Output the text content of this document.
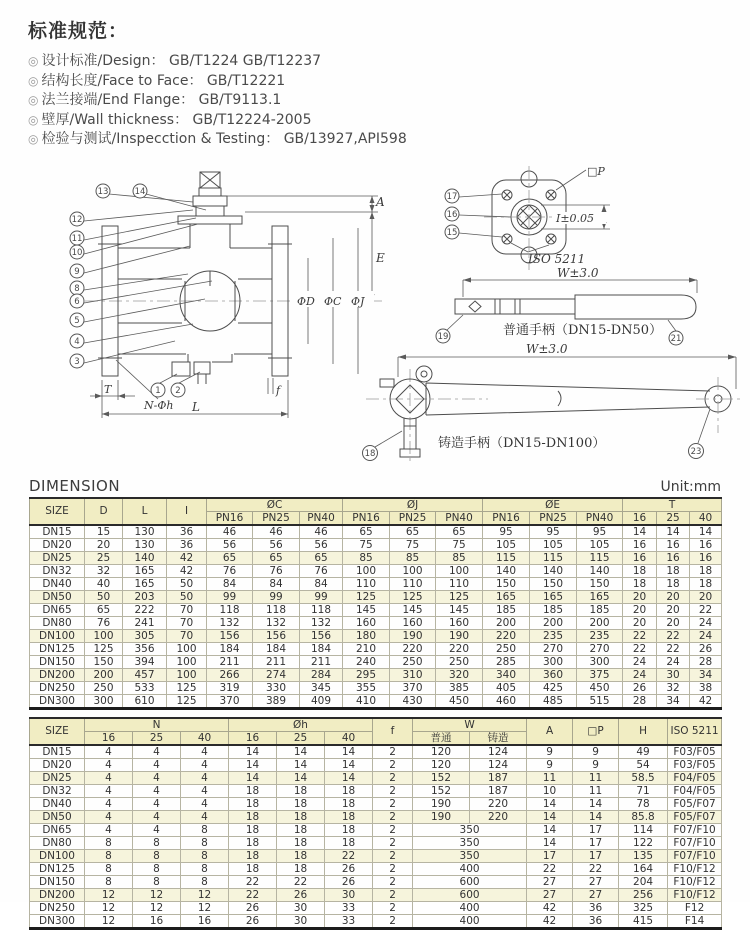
标准规范：
◎ 设计标准/Design： GB/T1224 GB/T12237
◎ 结构长度/Face to Face： GB/T12221
◎ 法兰接端/End Flange： GB/T9113.1
◎ 壁厚/Wall thickness： GB/T12224-2005
◎ 检验与测试/Inspecction & Testing： GB/13927,API598
A
E
ΦD ΦC ΦJ
L
T	f
N-Φh
13	14
12
11
10
9
8
6
5
4
3
1 2
□P
I±0.05
ISO 5211
17
16
15
W±3.0
19	21
普通手柄（DN15-DN50）
W±3.0
18	23
铸造手柄（DN15-DN100）
DIMENSION	Unit:mm
SIZE	D	L	I	ØC			ØJ			ØE			T		
				PN16	PN25	PN40	PN16	PN25	PN40	PN16	PN25	PN40	16	25	40
DN15	15	130	36	46	46	46	65	65	65	95	95	95	14	14	14
DN20	20	130	36	56	56	56	75	75	75	105	105	105	16	16	16
DN25	25	140	42	65	65	65	85	85	85	115	115	115	16	16	16
DN32	32	165	42	76	76	76	100	100	100	140	140	140	18	18	18
DN40	40	165	50	84	84	84	110	110	110	150	150	150	18	18	18
DN50	50	203	50	99	99	99	125	125	125	165	165	165	20	20	20
DN65	65	222	70	118	118	118	145	145	145	185	185	185	20	20	22
DN80	76	241	70	132	132	132	160	160	160	200	200	200	20	20	24
DN100	100	305	70	156	156	156	180	190	190	220	235	235	22	22	24
DN125	125	356	100	184	184	184	210	220	220	250	270	270	22	22	26
DN150	150	394	100	211	211	211	240	250	250	285	300	300	24	24	28
DN200	200	457	100	266	274	284	295	310	320	340	360	375	24	30	34
DN250	250	533	125	319	330	345	355	370	385	405	425	450	26	32	38
DN300	300	610	125	370	389	409	410	430	450	460	485	515	28	34	42
SIZE	N			Øh			f	W		A	□P	H	ISO 5211
	16	25	40	16	25	40		普通	铸造				
DN15	4	4	4	14	14	14	2	120	124	9	9	49	F03/F05
DN20	4	4	4	14	14	14	2	120	124	9	9	54	F03/F05
DN25	4	4	4	14	14	14	2	152	187	11	11	58.5	F04/F05
DN32	4	4	4	18	18	18	2	152	187	10	11	71	F04/F05
DN40	4	4	4	18	18	18	2	190	220	14	14	78	F05/F07
DN50	4	4	4	18	18	18	2	190	220	14	14	85.8	F05/F07
DN65	4	4	8	18	18	18	2	350		14	17	114	F07/F10
DN80	8	8	8	18	18	18	2	350		14	17	122	F07/F10
DN100	8	8	8	18	18	22	2	350		17	17	135	F07/F10
DN125	8	8	8	18	18	26	2	400		22	22	164	F10/F12
DN150	8	8	8	22	22	26	2	600		27	27	204	F10/F12
DN200	12	12	12	22	26	30	2	600		27	27	256	F10/F12
DN250	12	12	12	26	30	33	2	400		42	36	325	F12
DN300	12	16	16	26	30	33	2	400		42	36	415	F14
